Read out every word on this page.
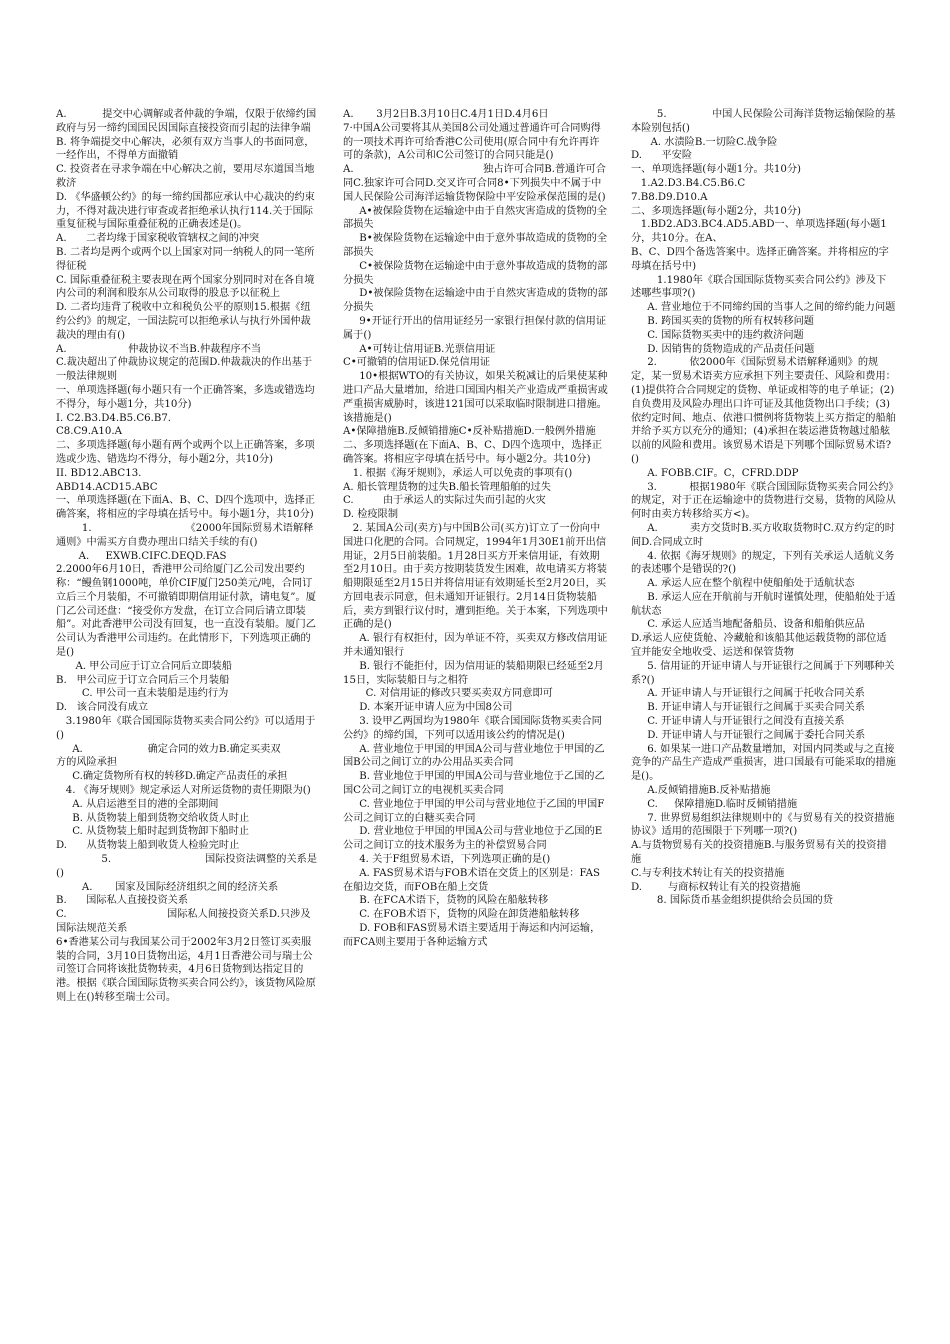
A.           提交中心调解或者仲裁的争端，仅限于依缔约国政府与另一缔约国国民因国际直接投资而引起的法律争端

B. 将争端提交中心解决，必须有双方当事人的书面同意，一经作出，不得单方面撤销

C. 投资者在寻求争端在中心解决之前，要用尽东道国当地救济

D. 《华盛顿公约》的每一缔约国都应承认中心裁决的约束力，不得对裁决进行审查或者拒绝承认执行114.关于国际重复征税与国际重叠征税的正确表述是()。

A.      二者均缘于国家税收管辖权之间的冲突

B. 二者均是两个或两个以上国家对同一纳税人的同一笔所得征税

C. 国际重叠征税主要表现在两个国家分别同时对在各自境内公司的利润和股东从公司取得的股息予以征税上

D. 二者均违背了税收中立和税负公平的原则15.根据《纽约公约》的规定，一国法院可以拒绝承认与执行外国仲裁裁决的理由有()

A.                   仲裁协议不当B.仲裁程序不当

C.裁决超出了仲裁协议规定的范围D.仲裁裁决的作出基于一般法律规则

一、单项选择题(每小题只有一个正确答案，多选或错选均不得分，每小题1分，共10分)

I. C2.B3.D4.B5.C6.B7.

C8.C9.A10.A

二、多项选择题(每小题有两个或两个以上正确答案，多项选或少选、错选均不得分，每小题2分，共10分)

II. BD12.ABC13.

ABD14.ACD15.ABC

一、单项选择题(在下面A、B、C、D四个选项中，选择正确答案，将相应的字母填在括号中。每小题1分，共10分)

1.                             《2000年国际贸易术语解释通则》中需买方自费办理出口结关手续的有()

A.     EXWB.CIFC.DEQD.FAS

2.2000年6月10日，香港甲公司给厦门乙公司发出要约称：“鳗鱼钢1000吨，单价CIF厦门250美元/吨，合同订立后三个月装船，不可撤销即期信用证付款，请电复”。厦门乙公司还盘：“接受你方发盘，在订立合同后请立即装船”。对此香港甲公司没有回复，也一直没有装船。厦门乙公司认为香港甲公司违约。在此情形下，下列选项正确的是()

A. 甲公司应于订立合同后立即装船

B.   甲公司应于订立合同后三个月装船

C. 甲公司一直未装船是违约行为

D.   该合同没有成立

3.1980年《联合国国际货物买卖合同公约》可以适用于()

A.                    确定合同的效力B.确定买卖双

方的风险承担

C.确定货物所有权的转移D.确定产品责任的承担

4. 《海牙规则》规定承运人对所运货物的责任期限为()

A. 从启运港至目的港的全部期间

B. 从货物装上船到货物交给收货人时止

C. 从货物装上船时起到货物卸下船时止

D.      从货物装上船到收货人检验完时止

5.                             国际投资法调整的关系是()

A.       国家及国际经济组织之间的经济关系

B.      国际私人直接投资关系

C.                               国际私人间接投资关系D.只涉及

国际法规范关系

6•香港某公司与我国某公司于2002年3月2日签订买卖服装的合同，3月10日货物出运，4月1日香港公司与瑞士公司签订合同将该批货物转卖，4月6日货物到达指定目的港。根据《联合国国际货物买卖合同公约》，该货物风险原则上在()转移至瑞士公司。

A.       3月2日B.3月10日C.4月1日D.4月6日

7·中国A公司要将其从美国8公司处通过普通许可合同购得的一项技术再许可给香港C公司使用(原合同中有允许再许可的条款)，A公司和C公司签订的合同只能是()

A.                                        独占许可合同B.普通许可合同C.独家许可合同D.交叉许可合同8•下列损失中不属于中国人民保险公司海洋运输货物保险中平安险承保范围的是()

A•被保险货物在运输途中由于自然灾害造成的货物的全部损失

B•被保险货物在运输途中由于意外事故造成的货物的全部损失

C•被保险货物在运输途中由于意外事故造成的货物的部分损失

D•被保险货物在运输途中由于自然灾害造成的货物的部分损失

9•开证行开出的信用证经另一家银行担保付款的信用证属于()

A•可转让信用证B.光票信用证

C•可撤销的信用证D.保兑信用证

10•根据WTO的有关协议，如果关税减让的后果使某种进口产品大量增加，给进口国国内相关产业造成严重损害或严重损害威胁时，该进121国可以采取临时限制进口措施。该措施是()

A•保障措施B.反倾销措施C•反补贴措施D.一般例外措施

二、多项选择题(在下面A、B、C、D四个选项中，选择正确答案。将相应字母填在括号中。每小题2分。共10分)

1. 根据《海牙规则》，承运人可以免责的事项有()

A. 船长管理货物的过失B.船长管理船舶的过失

C.         由于承运人的实际过失而引起的火灾

D. 检疫限制

2. 某国A公司(卖方)与中国B公司(买方)订立了一份向中国进口化肥的合同。合同规定，1994年1月30E1前开出信用证，2月5日前装船。1月28日买方开来信用证，有效期至2月10日。由于卖方按期装货发生困难，故电请买方将装船期限延至2月15日并将信用证有效期延长至2月20日，买方回电表示同意，但未通知开证银行。2月14日货物装船后，卖方到银行议付时，遭到拒绝。关于本案，下列选项中正确的是()

A. 银行有权拒付，因为单证不符，买卖双方修改信用证并未通知银行

B. 银行不能拒付，因为信用证的装船期限已经延至2月15日，实际装船日与之相符

C. 对信用证的修改只要买卖双方同意即可

D. 本案开证申请人应为中国8公司

3. 设甲乙两国均为1980年《联合国国际货物买卖合同公约》的缔约国，下列可以适用该公约的情况是()

A. 营业地位于甲国的甲国A公司与营业地位于甲国的乙国B公司之间订立的办公用品买卖合同

B. 营业地位于甲国的甲国A公司与营业地位于乙国的乙国C公司之间订立的电视机买卖合同

C. 营业地位于甲国的甲公司与营业地位于乙国的甲国F公司之间订立的白糖买卖合同

D. 营业地位于甲国的甲国A公司与营业地位于乙国的E公司之间订立的技术服务为主的补偿贸易合同

4. 关于F组贸易术语，下列选项正确的是()

A. FAS贸易术语与FOB术语在交货上的区别是：FAS在船边交货，而FOB在船上交货

B. 在FCA术语下，货物的风险在船舷转移

C. 在FOB术语下，货物的风险在卸货港船舷转移

D. FOB和FAS贸易术语主要适用于海运和内河运输，而FCA则主要用于各种运输方式

5.              中国人民保险公司海洋货物运输保险的基本险别包括()

A. 水渍险B.一切险C.战争险

D.      平安险

一、单项选择题(每小题1分。共10分)

1.A2.D3.B4.C5.B6.C

7.B8.D9.D10.A

二、多项选择题(每小题2分，共10分)

1.BD2.AD3.BC4.AD5.ABD一、单项选择题(每小题1分，共10分。在A、

B、C、D四个备选答案中。选择正确答案。并将相应的字母填在括号中)

1.1980年《联合国国际货物买卖合同公约》涉及下述哪些事项?()

A. 营业地位于不同缔约国的当事人之间的缔约能力问题

B. 跨国买卖的货物的所有权转移问题

C. 国际货物买卖中的违约救济问题

D. 因销售的货物造成的产品责任问题

2.          依2000年《国际贸易术语解释通则》的规定，某一贸易术语卖方应承担下列主要责任、风险和费用：(1)提供符合合同规定的货物、单证或相等的电子单证；(2)自负费用及风险办理出口许可证及其他货物出口手续；(3)依约定时间、地点、依港口惯例将货物装上买方指定的船舶并给予买方以充分的通知；(4)承担在装运港货物越过船舷以前的风险和费用。该贸易术语是下列哪个国际贸易术语?()

A. FOBB.CIF。C，CFRD.DDP

3.          根据1980年《联合国国际货物买卖合同公约》的规定，对于正在运输途中的货物进行交易，货物的风险从何时由卖方转移给买方<)。

A.          卖方交货时B.买方收取货物时C.双方约定的时间D.合同成立时

4. 依据《海牙规则》的规定，下列有关承运人适航义务的表述哪个是错误的?()

A. 承运人应在整个航程中使船舶处于适航状态

B. 承运人应在开航前与开航时谨慎处理，使船舶处于适航状态

C. 承运人应适当地配备船员、设备和船舶供应品

D.承运人应使货舱、冷藏舱和该船其他运载货物的部位适宜并能安全地收受、运送和保管货物

5. 信用证的开证申请人与开证银行之间属于下列哪种关系?()

A. 开证申请人与开证银行之间属于托收合同关系

B. 开证申请人与开证银行之间属于买卖合同关系

C. 开证申请人与开证银行之间没有直接关系

D. 开证申请人与开证银行之间属于委托合同关系

6. 如果某一进口产品数量增加，对国内同类或与之直接竞争的产品生产造成严重损害，进口国最有可能采取的措施是()。

A.反倾销措施B.反补贴措施

C.     保障措施D.临时反倾销措施

7. 世界贸易组织法律规则中的《与贸易有关的投资措施协议》适用的范围限于下列哪一项?()

A.与货物贸易有关的投资措施B.与服务贸易有关的投资措施

C.与专利技术转让有关的投资措施

D.        与商标权转让有关的投资措施

8. 国际货币基金组织提供给会员国的贷
